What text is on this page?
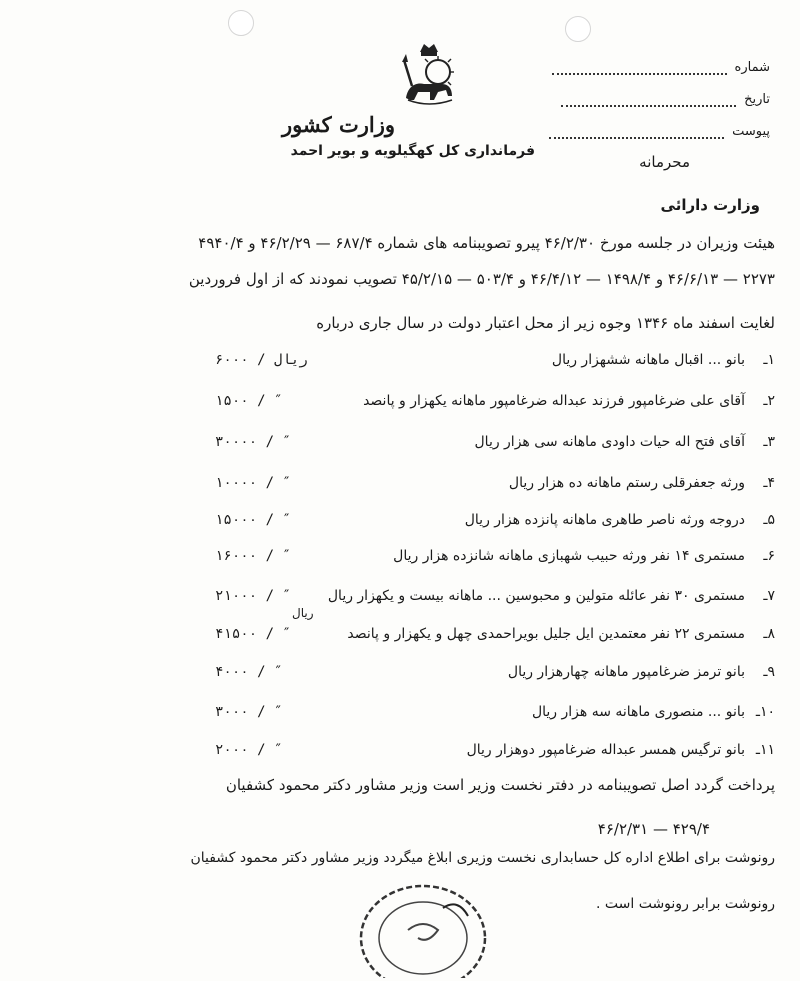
وزارت کشور
فرمانداری کل کهگیلویه و بویر احمد
شماره
تاریخ
پیوست
محرمانه
وزارت دارائی
هیئت وزیران در جلسه مورخ ۴۶/۲/۳۰ پیرو تصویبنامه های شماره ۶۸۷/۴ — ۴۶/۲/۲۹ و ۴۹۴۰/۴
۲۲۷۳ — ۴۶/۶/۱۳ و ۱۴۹۸/۴ — ۴۶/۴/۱۲ و ۵۰۳/۴ — ۴۵/۲/۱۵ تصویب نمودند که از اول فروردین
لغایت اسفند ماه ۱۳۴۶ وجوه زیر از محل اعتبار دولت در سال جاری درباره
۱ـبانو ... اقبال ماهانه ششهزار ریال
۶۰۰۰ / ریال
۲ـآقای علی ضرغامپور فرزند عبداله ضرغامپور ماهانه یکهزار و پانصد
۱۵۰۰ / ″
۳ـآقای فتح اله حیات داودی ماهانه سی هزار ریال
۳۰۰۰۰ / ″
۴ـورثه جعفرقلی رستم ماهانه ده هزار ریال
۱۰۰۰۰ / ″
۵ـدروجه ورثه ناصر طاهری ماهانه پانزده هزار ریال
۱۵۰۰۰ / ″
۶ـمستمری ۱۴ نفر ورثه حبیب شهبازی ماهانه شانزده هزار ریال
۱۶۰۰۰ / ″
۷ـمستمری ۳۰ نفر عائله متولین و محبوسین ... ماهانه بیست و یکهزار ریال
۲۱۰۰۰ / ″
ریال
۸ـمستمری ۲۲ نفر معتمدین ایل جلیل بویراحمدی چهل و یکهزار و پانصد
۴۱۵۰۰ / ″
۹ـبانو ترمز ضرغامپور ماهانه چهارهزار ریال
۴۰۰۰ / ″
۱۰ـبانو ... منصوری ماهانه سه هزار ریال
۳۰۰۰ / ″
۱۱ـبانو ترگیس همسر عبداله ضرغامپور دوهزار ریال
۲۰۰۰ / ″
پرداخت گردد اصل تصویبنامه در دفتر نخست وزیر است وزیر مشاور دکتر محمود کشفیان
۴۲۹/۴ — ۴۶/۲/۳۱
رونوشت برای اطلاع اداره کل حسابداری نخست وزیری ابلاغ میگردد وزیر مشاور دکتر محمود کشفیان
رونوشت برابر رونوشت است .
